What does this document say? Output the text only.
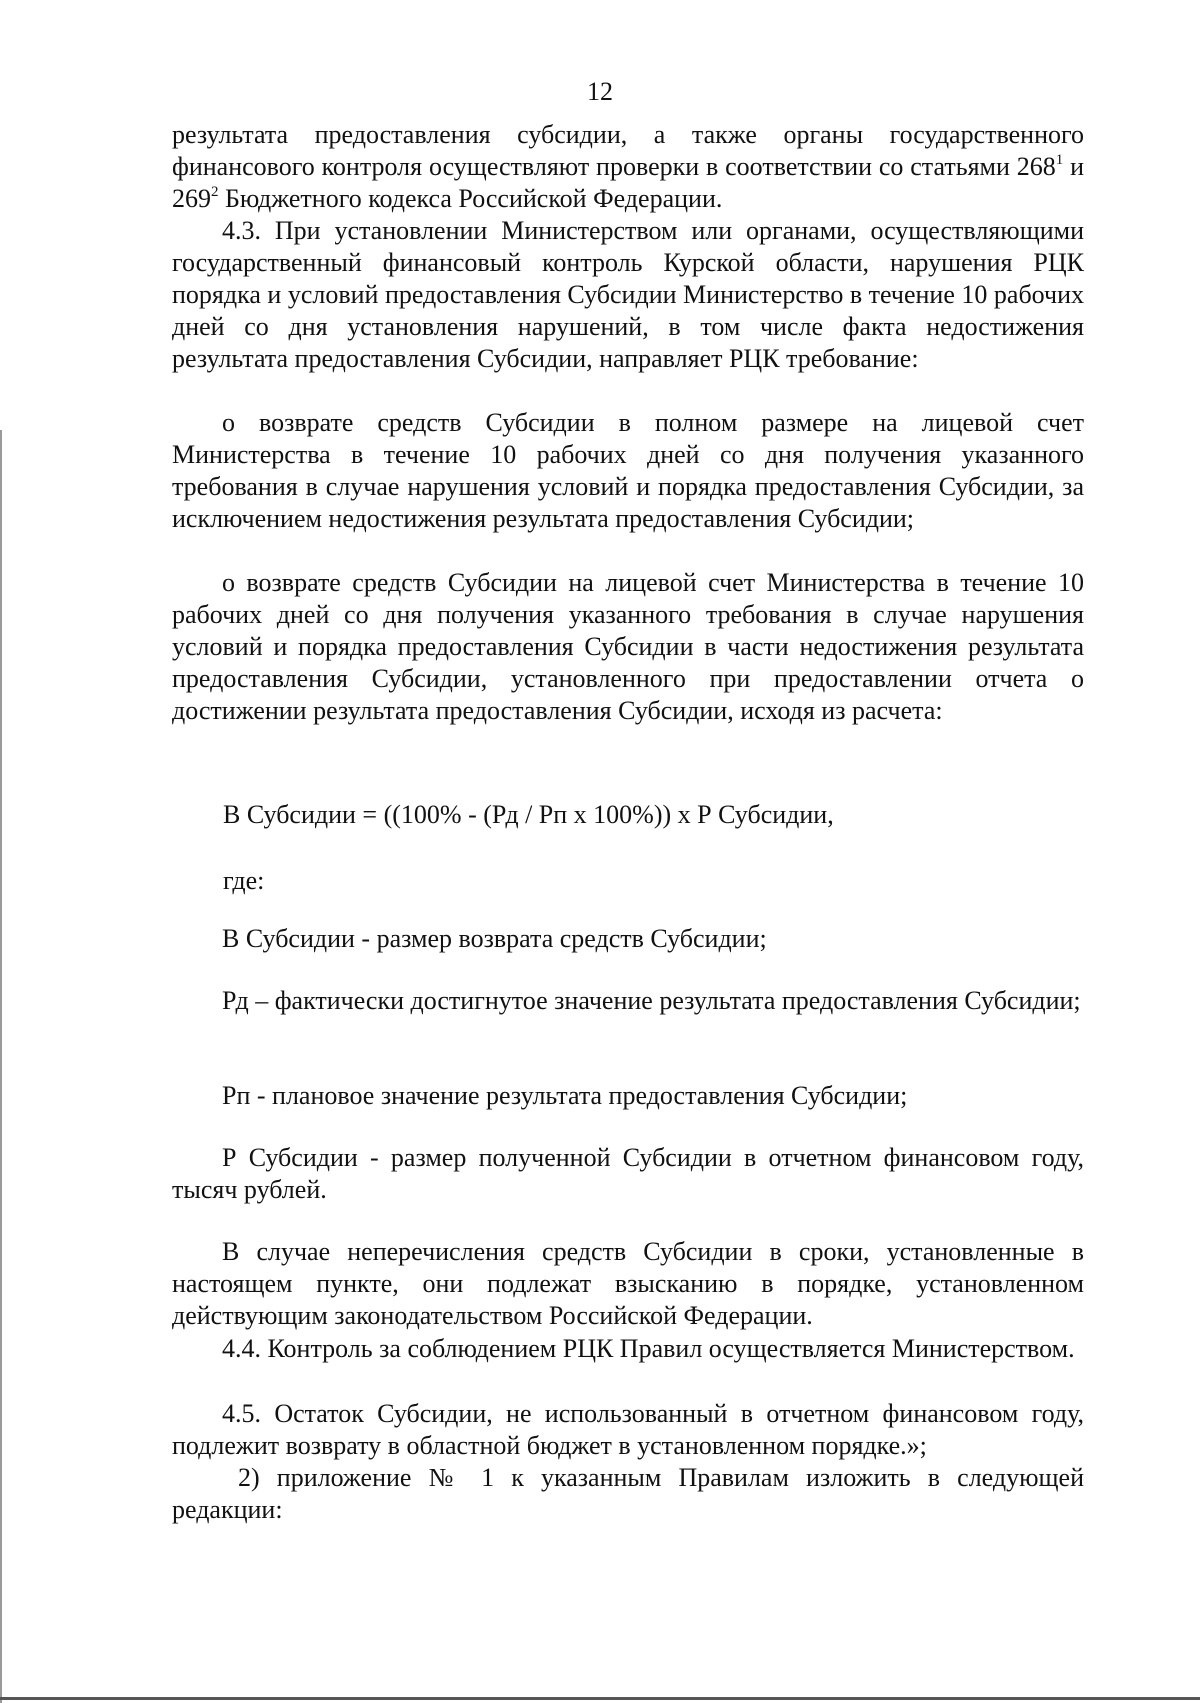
12

результата предоставления субсидии, а также органы государственного финансового контроля осуществляют проверки в соответствии со статьями $268^1$ и $269^2$ Бюджетного кодекса Российской Федерации.

4.3. При установлении Министерством или органами, осуществляющими государственный финансовый контроль Курской области, нарушения РЦК порядка и условий предоставления Субсидии Министерство в течение 10 рабочих дней со дня установления нарушений, в том числе факта недостижения результата предоставления Субсидии, направляет РЦК требование:

о возврате средств Субсидии в полном размере на лицевой счет Министерства в течение 10 рабочих дней со дня получения указанного требования в случае нарушения условий и порядка предоставления Субсидии, за исключением недостижения результата предоставления Субсидии;

о возврате средств Субсидии на лицевой счет Министерства в течение 10 рабочих дней со дня получения указанного требования в случае нарушения условий и порядка предоставления Субсидии в части недостижения результата предоставления Субсидии, установленного при предоставлении отчета о достижении результата предоставления Субсидии, исходя из расчета:

В Субсидии = ((100% - (Рд / Рп х 100%)) х Р Субсидии,

где:

В Субсидии - размер возврата средств Субсидии;

Рд – фактически достигнутое значение результата предоставления Субсидии;

Рп - плановое значение результата предоставления Субсидии;

Р Субсидии - размер полученной Субсидии в отчетном финансовом году, тысяч рублей.

В случае неперечисления средств Субсидии в сроки, установленные в настоящем пункте, они подлежат взысканию в порядке, установленном действующим законодательством Российской Федерации.

4.4. Контроль за соблюдением РЦК Правил осуществляется Министерством.

4.5. Остаток Субсидии, не использованный в отчетном финансовом году, подлежит возврату в областной бюджет в установленном порядке.»;

2) приложение № 1 к указанным Правилам изложить в следующей редакции:
